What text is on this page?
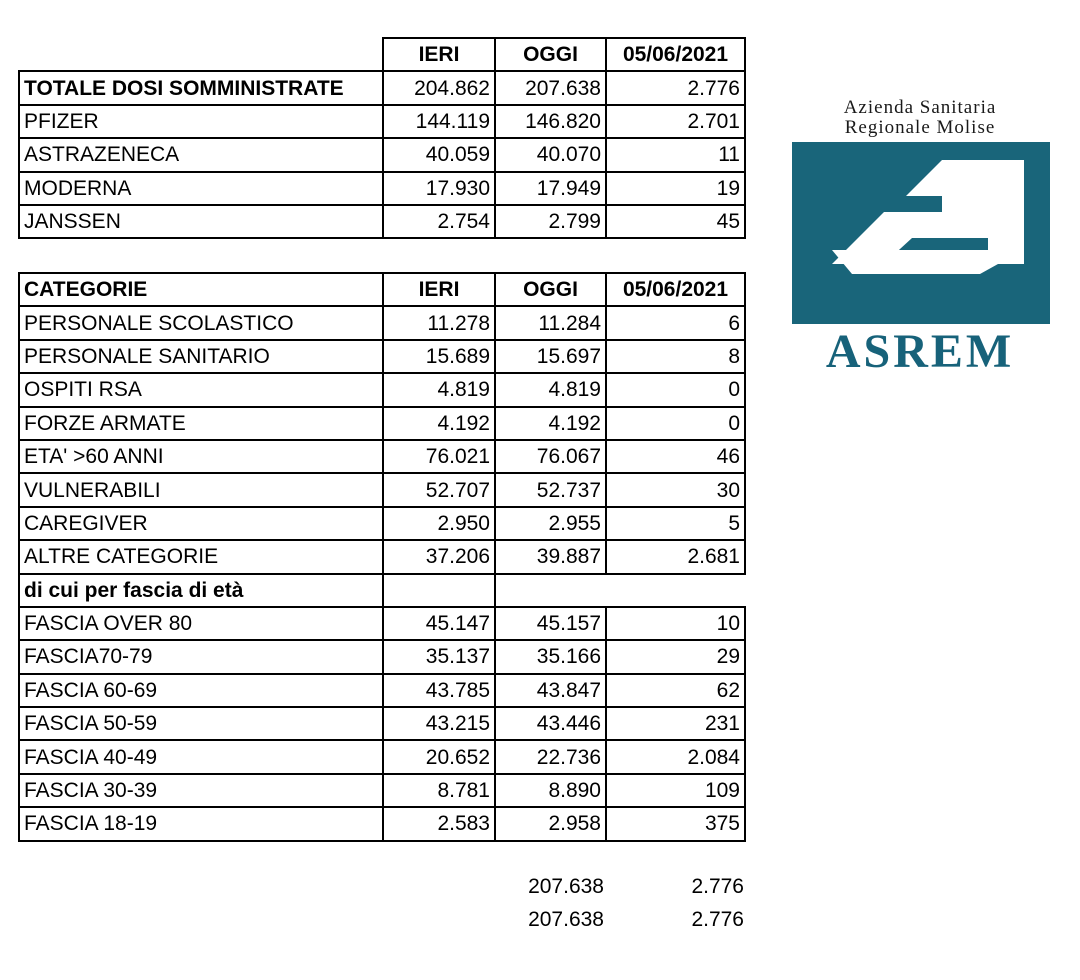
	IERI	OGGI	05/06/2021
TOTALE DOSI SOMMINISTRATE	204.862	207.638	2.776
PFIZER	144.119	146.820	2.701
ASTRAZENECA	40.059	40.070	11
MODERNA	17.930	17.949	19
JANSSEN	2.754	2.799	45
CATEGORIE	IERI	OGGI	05/06/2021
PERSONALE SCOLASTICO	11.278	11.284	6
PERSONALE SANITARIO	15.689	15.697	8
OSPITI RSA	4.819	4.819	0
FORZE ARMATE	4.192	4.192	0
ETA' >60 ANNI	76.021	76.067	46
VULNERABILI	52.707	52.737	30
CAREGIVER	2.950	2.955	5
ALTRE CATEGORIE	37.206	39.887	2.681
di cui per fascia di età			
FASCIA OVER 80	45.147	45.157	10
FASCIA70-79	35.137	35.166	29
FASCIA 60-69	43.785	43.847	62
FASCIA 50-59	43.215	43.446	231
FASCIA 40-49	20.652	22.736	2.084
FASCIA 30-39	8.781	8.890	109
FASCIA 18-19	2.583	2.958	375
207.638	2.776
207.638	2.776
Azienda Sanitaria
Regionale Molise
ASREM
